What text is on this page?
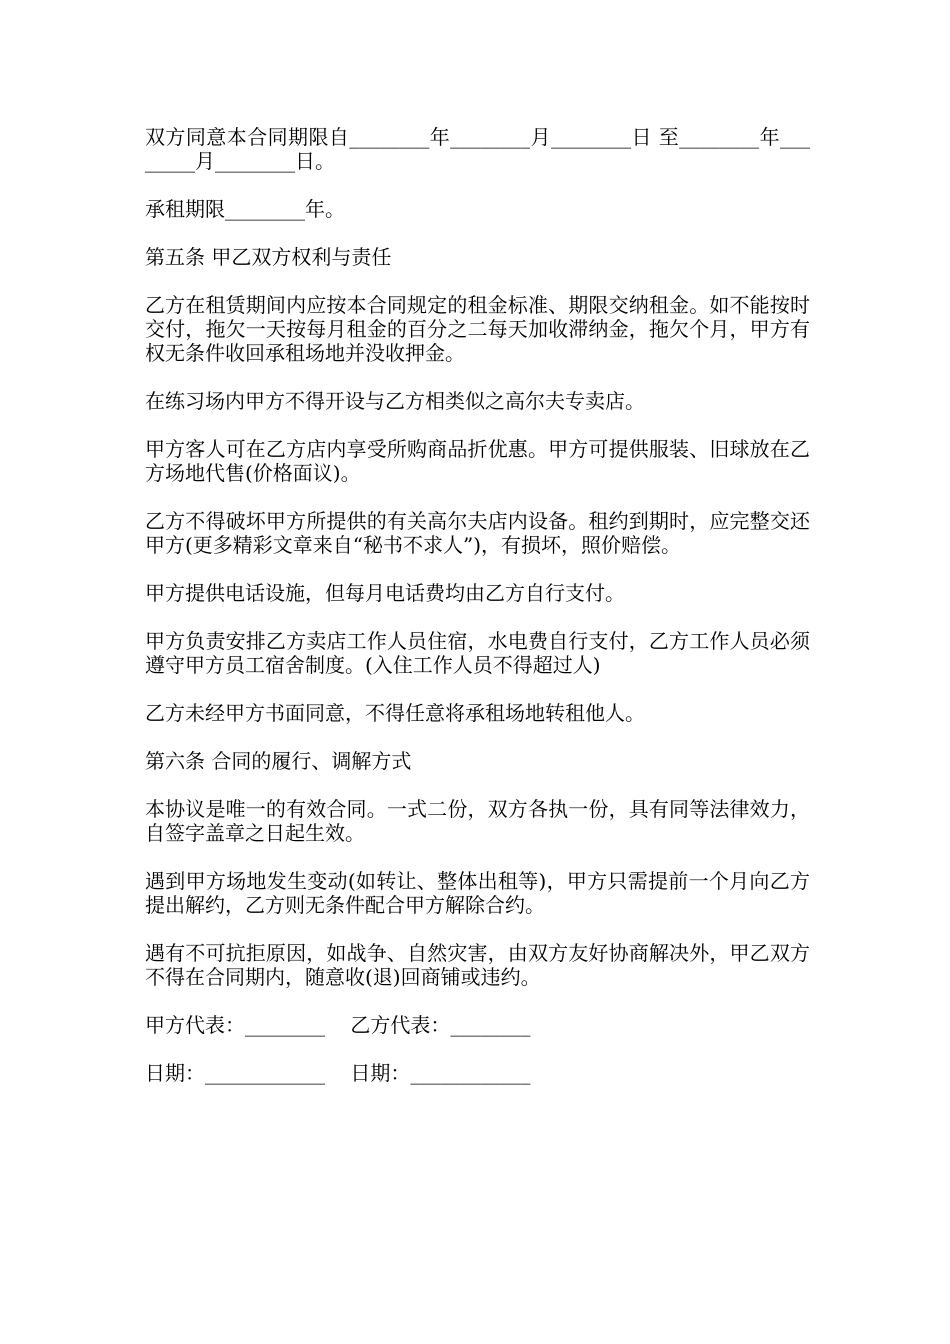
双方同意本合同期限自________年________月________日 至________年________月________日。

承租期限________年。

第五条 甲乙双方权利与责任

乙方在租赁期间内应按本合同规定的租金标准、期限交纳租金。如不能按时交付，拖欠一天按每月租金的百分之二每天加收滞纳金，拖欠个月，甲方有权无条件收回承租场地并没收押金。

在练习场内甲方不得开设与乙方相类似之高尔夫专卖店。

甲方客人可在乙方店内享受所购商品折优惠。甲方可提供服装、旧球放在乙方场地代售(价格面议)。

乙方不得破坏甲方所提供的有关高尔夫店内设备。租约到期时，应完整交还甲方(更多精彩文章来自“秘书不求人”)，有损坏，照价赔偿。

甲方提供电话设施，但每月电话费均由乙方自行支付。

甲方负责安排乙方卖店工作人员住宿，水电费自行支付，乙方工作人员必须遵守甲方员工宿舍制度。(入住工作人员不得超过人)

乙方未经甲方书面同意，不得任意将承租场地转租他人。

第六条 合同的履行、调解方式

本协议是唯一的有效合同。一式二份，双方各执一份，具有同等法律效力，自签字盖章之日起生效。

遇到甲方场地发生变动(如转让、整体出租等)，甲方只需提前一个月向乙方提出解约，乙方则无条件配合甲方解除合约。

遇有不可抗拒原因，如战争、自然灾害，由双方友好协商解决外，甲乙双方不得在合同期内，随意收(退)回商铺或违约。

甲方代表：________    乙方代表：________

日期：____________    日期：____________
